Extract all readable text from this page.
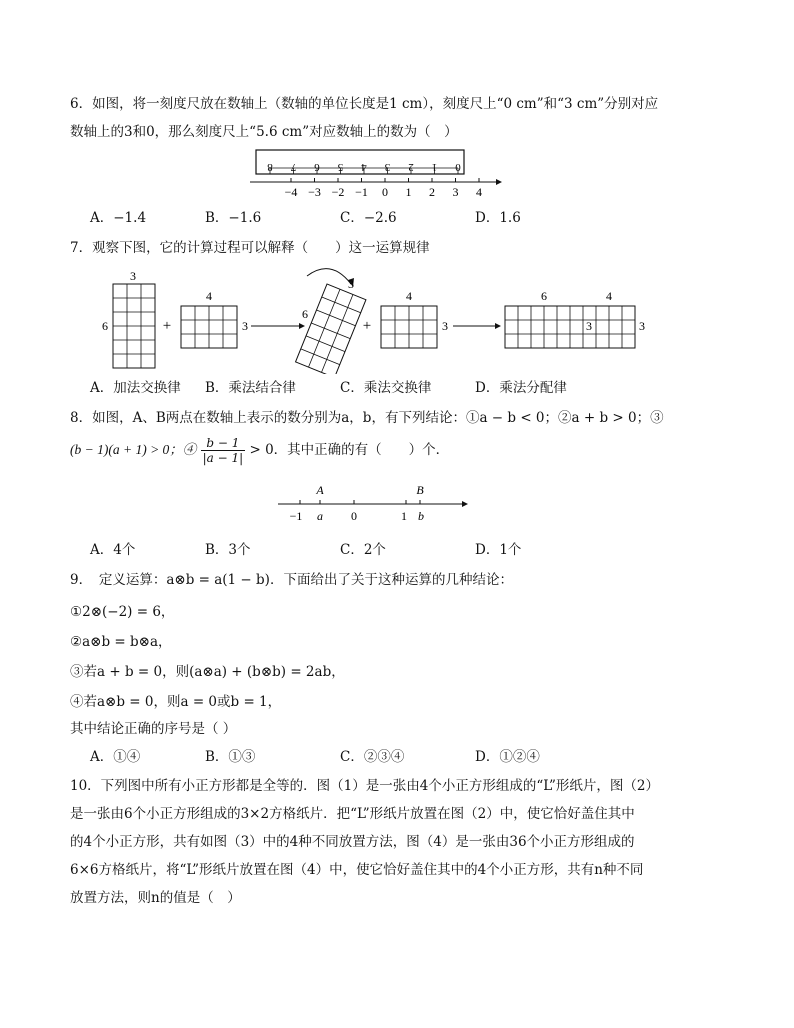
6．如图，将一刻度尺放在数轴上（数轴的单位长度是1 cm），刻度尺上“0 cm”和“3 cm”分别对应
数轴上的3和0，那么刻度尺上“5.6 cm”对应数轴上的数为（　）
8 7 6 5 4 3 2 1 0
−4 −3 −2 −1 0 1 2 3 4
A．−1.4	B．−1.6	C．−2.6	D．1.6
7．观察下图，它的计算过程可以解释（　　）这一运算规律
3
6	+
4
3
3
6
+
4
3
6	4
3	3
A．加法交换律 B．乘法结合律	C．乘法交换律	D．乘法分配律
8．如图，A、B两点在数轴上表示的数分别为a，b，有下列结论：①a − b < 0；②a + b > 0；③
(b − 1)(a + 1) > 0；④ $\frac{b - 1}{|a - 1|} > 0$．其中正确的有（　　）个．
A	B
−1 a 0	1 b
A．4个	B．3个	C．2个	D．1个
9．　定义运算：a⊗b = a(1 − b)．下面给出了关于这种运算的几种结论：
①2⊗(−2) = 6，
②a⊗b = b⊗a，
③若a + b = 0，则(a⊗a) + (b⊗b) = 2ab，
④若a⊗b = 0，则a = 0或b = 1，
其中结论正确的序号是（ ）
A．①④	B．①③	C．②③④	D．①②④
10．下列图中所有小正方形都是全等的．图（1）是一张由4个小正方形组成的“L”形纸片，图（2）
是一张由6个小正方形组成的3×2方格纸片．把“L”形纸片放置在图（2）中，使它恰好盖住其中
的4个小正方形，共有如图（3）中的4种不同放置方法，图（4）是一张由36个小正方形组成的
6×6方格纸片，将“L”形纸片放置在图（4）中，使它恰好盖住其中的4个小正方形，共有n种不同
放置方法，则n的值是（　）
